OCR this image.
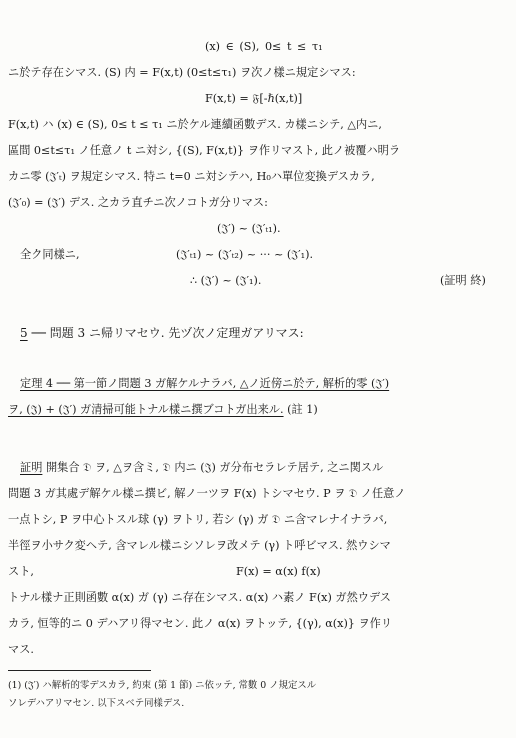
(x) ∈ (S), 0≤ t ≤ τ₁
ニ於テ存在シマス. (S) 内 = F(x,t) (0≤t≤τ₁) ヲ次ノ樣ニ規定シマス:
F(x,t) = 𝔉[-ℏ(x,t)]
F(x,t) ハ (x) ∈ (S), 0≤ t ≤ τ₁ ニ於ケル連續函數デス. カ樣ニシテ, △内ニ,
區間 0≤t≤τ₁ ノ任意ノ t ニ対シ, {(S), F(x,t)} ヲ作リマスト, 此ノ被覆ハ明ラ
カニ零 (𝔍′ₜ) ヲ規定シマス. 特ニ t=0 ニ対シテハ, H₀ハ單位変換デスカラ,
(𝔍′₀) = (𝔍′) デス. 之カラ直チニ次ノコトガ分リマス:
(𝔍′) ~ (𝔍′ₜ₁).
全ク同樣ニ,	(𝔍′ₜ₁) ~ (𝔍′ₜ₂) ~ ··· ~ (𝔍′₁).
∴ (𝔍′) ~ (𝔍′₁).	(証明 終)
5 ── 問題 3 ニ帰リマセウ. 先ヅ次ノ定理ガアリマス:
定理 4 ── 第一節ノ問題 3 ガ解ケルナラバ, △ノ近傍ニ於テ, 解析的零 (𝔍′)
ヲ, (𝔍) + (𝔍′) ガ清掃可能トナル樣ニ撰ブコトガ出来ル. (註 1)
証明 開集合 𝔇 ヲ, △ヲ含ミ, 𝔇 内ニ (𝔍) ガ分布セラレテ居テ, 之ニ関スル
問題 3 ガ其處デ解ケル樣ニ撰ビ, 解ノ一ツヲ F(x) トシマセウ. P ヲ 𝔇 ノ任意ノ
一点トシ, P ヲ中心トスル球 (γ) ヲトリ, 若シ (γ) ガ 𝔇 ニ含マレナイナラバ,
半徑ヲ小サク変ヘテ, 含マレル樣ニシソレヲ改メテ (γ) ト呼ビマス. 然ウシマ
スト,	F(x) = α(x) f(x)
トナル樣ナ正則函數 α(x) ガ (γ) ニ存在シマス. α(x) ハ素ノ F(x) ガ然ウデス
カラ, 恒等的ニ 0 デハアリ得マセン. 此ノ α(x) ヲトッテ, {(γ), α(x)} ヲ作リ
マス.
(1) (𝔍′) ハ解析的零デスカラ, 約束 (第 1 節) ニ依ッテ, 常數 0 ノ規定スル
ソレデハアリマセン. 以下スベテ同樣デス.
